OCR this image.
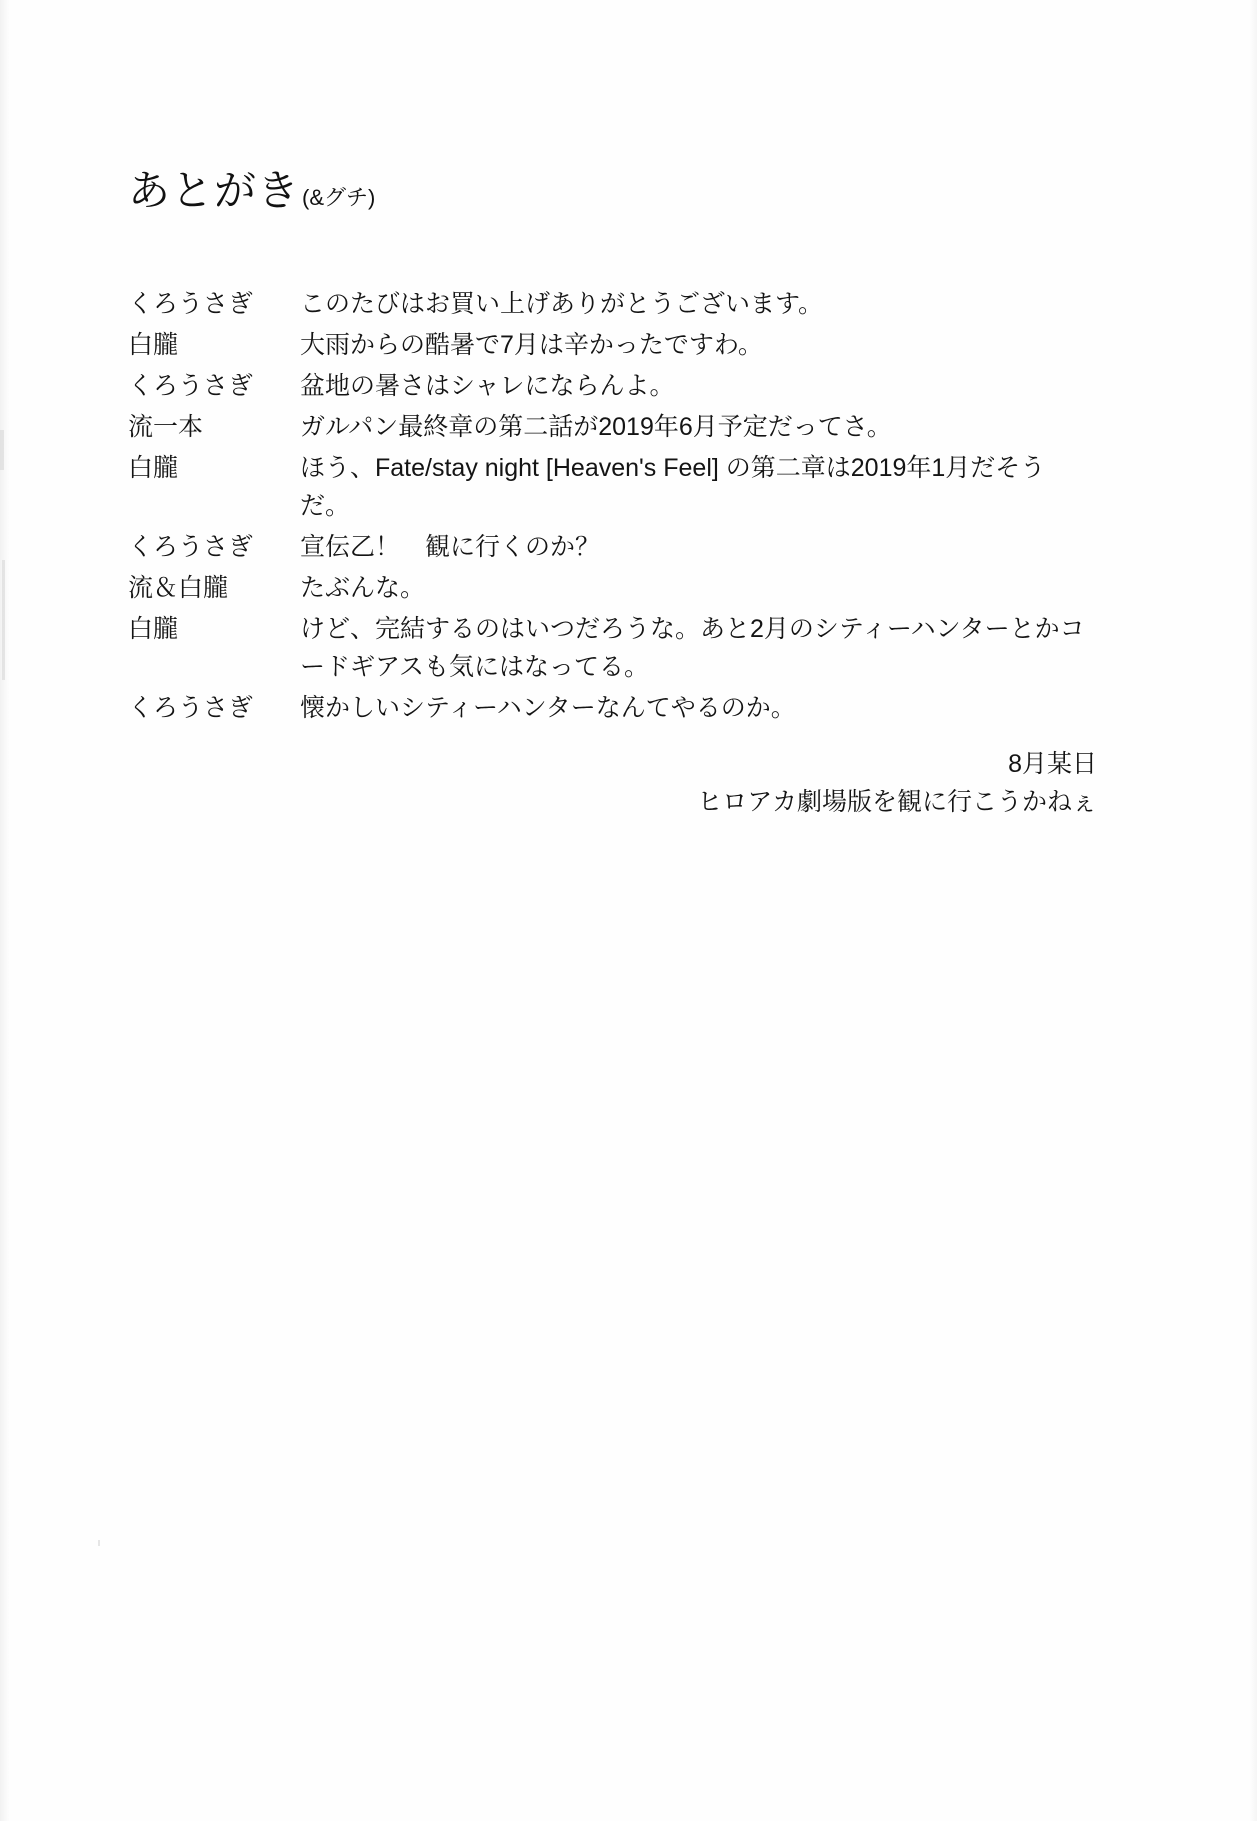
あとがき (&グチ)
くろうさぎ	このたびはお買い上げありがとうございます。
白朧	大雨からの酷暑で7月は辛かったですわ。
くろうさぎ	盆地の暑さはシャレにならんよ。
流一本	ガルパン最終章の第二話が2019年6月予定だってさ。
白朧	ほう、Fate/stay night [Heaven's Feel] の第二章は2019年1月だそうだ。
くろうさぎ	宣伝乙！　観に行くのか？
流＆白朧	たぶんな。
白朧	けど、完結するのはいつだろうな。あと2月のシティーハンターとかコードギアスも気にはなってる。
くろうさぎ	懐かしいシティーハンターなんてやるのか。
8月某日
ヒロアカ劇場版を観に行こうかねぇ
